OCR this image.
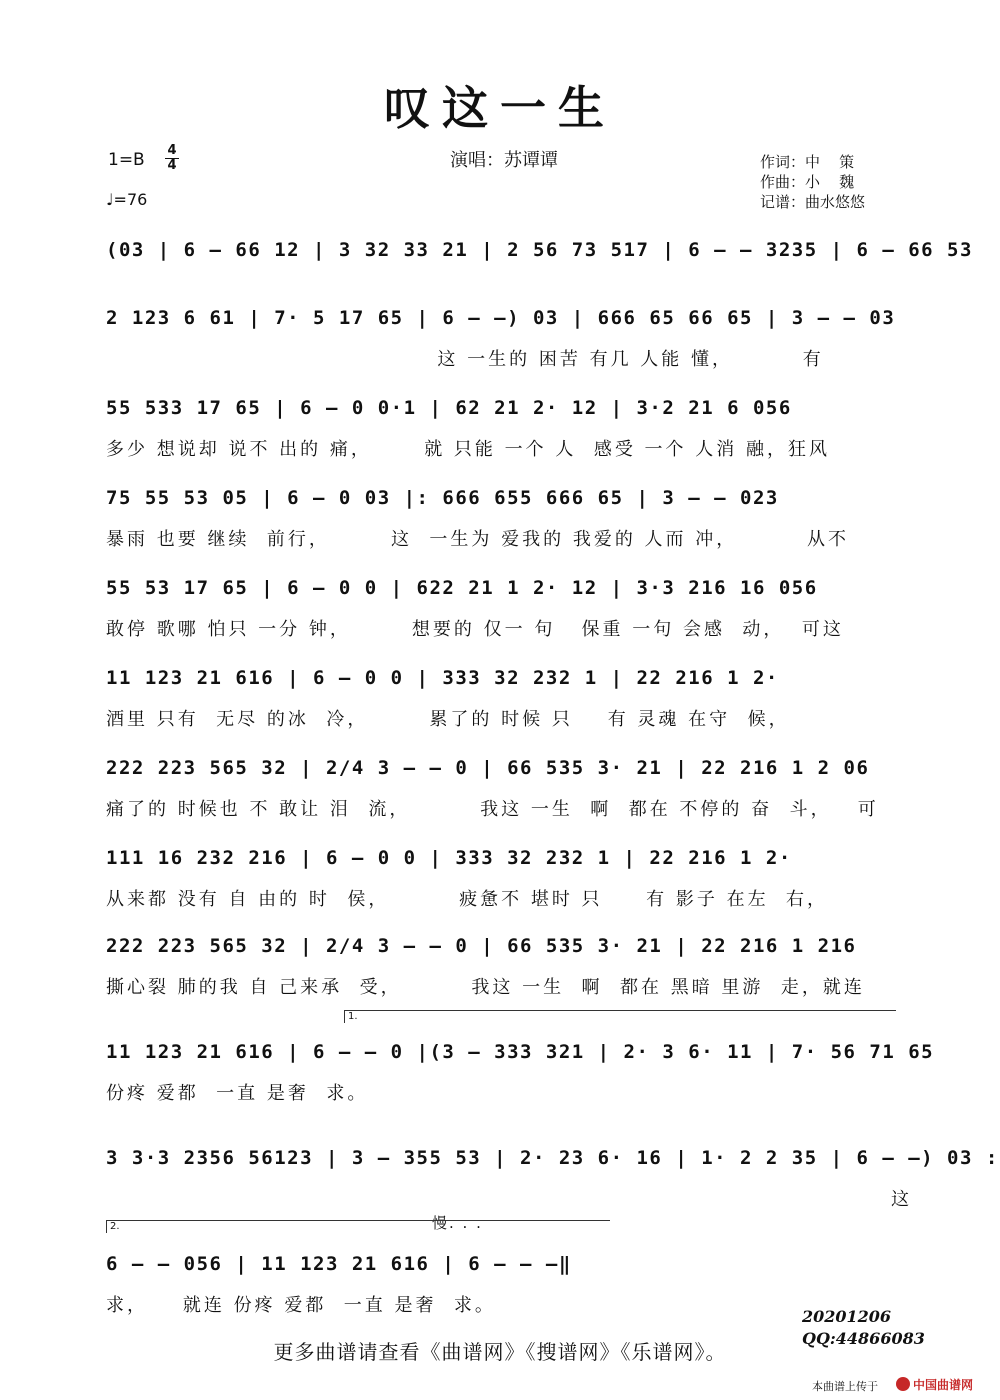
叹这一生
1=B 4
4
♩=76
演唱：苏谭谭	作词：中    策
作曲：小    魏
记谱：曲水悠悠
(03 | 6 – 66 12 | 3 32 33 21 | 2 56 73 517 | 6 – – 3235 | 6 – 66 53
2 123 6 61 | 7· 5 17 65 | 6 – –) 03 | 666 65 66 65 | 3 – – 03
这 一生的 困苦 有几 人能 懂，        有
55 533 17 65 | 6 – 0 0·1 | 62 21 2· 12 | 3·2 21 6 056
多少 想说却 说不 出的 痛，      就 只能 一个 人  感受 一个 人消 融，狂风
75 55 53 05 | 6 – 0 03 |: 666 655 666 65 | 3 – – 023
暴雨 也要 继续  前行，       这  一生为 爱我的 我爱的 人而 冲，        从不
55 53 17 65 | 6 – 0 0 | 622 21 1 2· 12 | 3·3 216 16 056
敢停 歌哪 怕只 一分 钟，       想要的 仅一 句   保重 一句 会感  动，  可这
11 123 21 616 | 6 – 0 0 | 333 32 232 1 | 22 216 1 2·
酒里 只有  无尽 的冰  冷，       累了的 时候 只    有 灵魂 在守  候，
222 223 565 32 | 2/4 3 – – 0 | 66 535 3· 21 | 22 216 1 2 06
痛了的 时候也 不 敢让 泪  流，        我这 一生  啊  都在 不停的 奋  斗，   可
111 16 232 216 | 6 – 0 0 | 333 32 232 1 | 22 216 1 2·
从来都 没有 自 由的 时  侯，        疲惫不 堪时 只     有 影子 在左  右，
222 223 565 32 | 2/4 3 – – 0 | 66 535 3· 21 | 22 216 1 216
撕心裂 肺的我 自 己来承  受，        我这 一生  啊  都在 黑暗 里游  走，就连
1.
11 123 21 616 | 6 – – 0 |(3 – 333 321 | 2· 3 6· 11 | 7· 56 71 65
份疼 爱都  一直 是奢  求。
3 3·3 2356 56123 | 3 – 355 53 | 2· 23 6· 16 | 1· 2 2 35 | 6 – –) 03 :
这
慢. . .
2.
6 – – 056 | 11 123 21 616 | 6 – – –‖
求，    就连 份疼 爱都  一直 是奢  求。
20201206
QQ:44866083
更多曲谱请查看《曲谱网》《搜谱网》《乐谱网》。
本曲谱上传于	中国曲谱网
